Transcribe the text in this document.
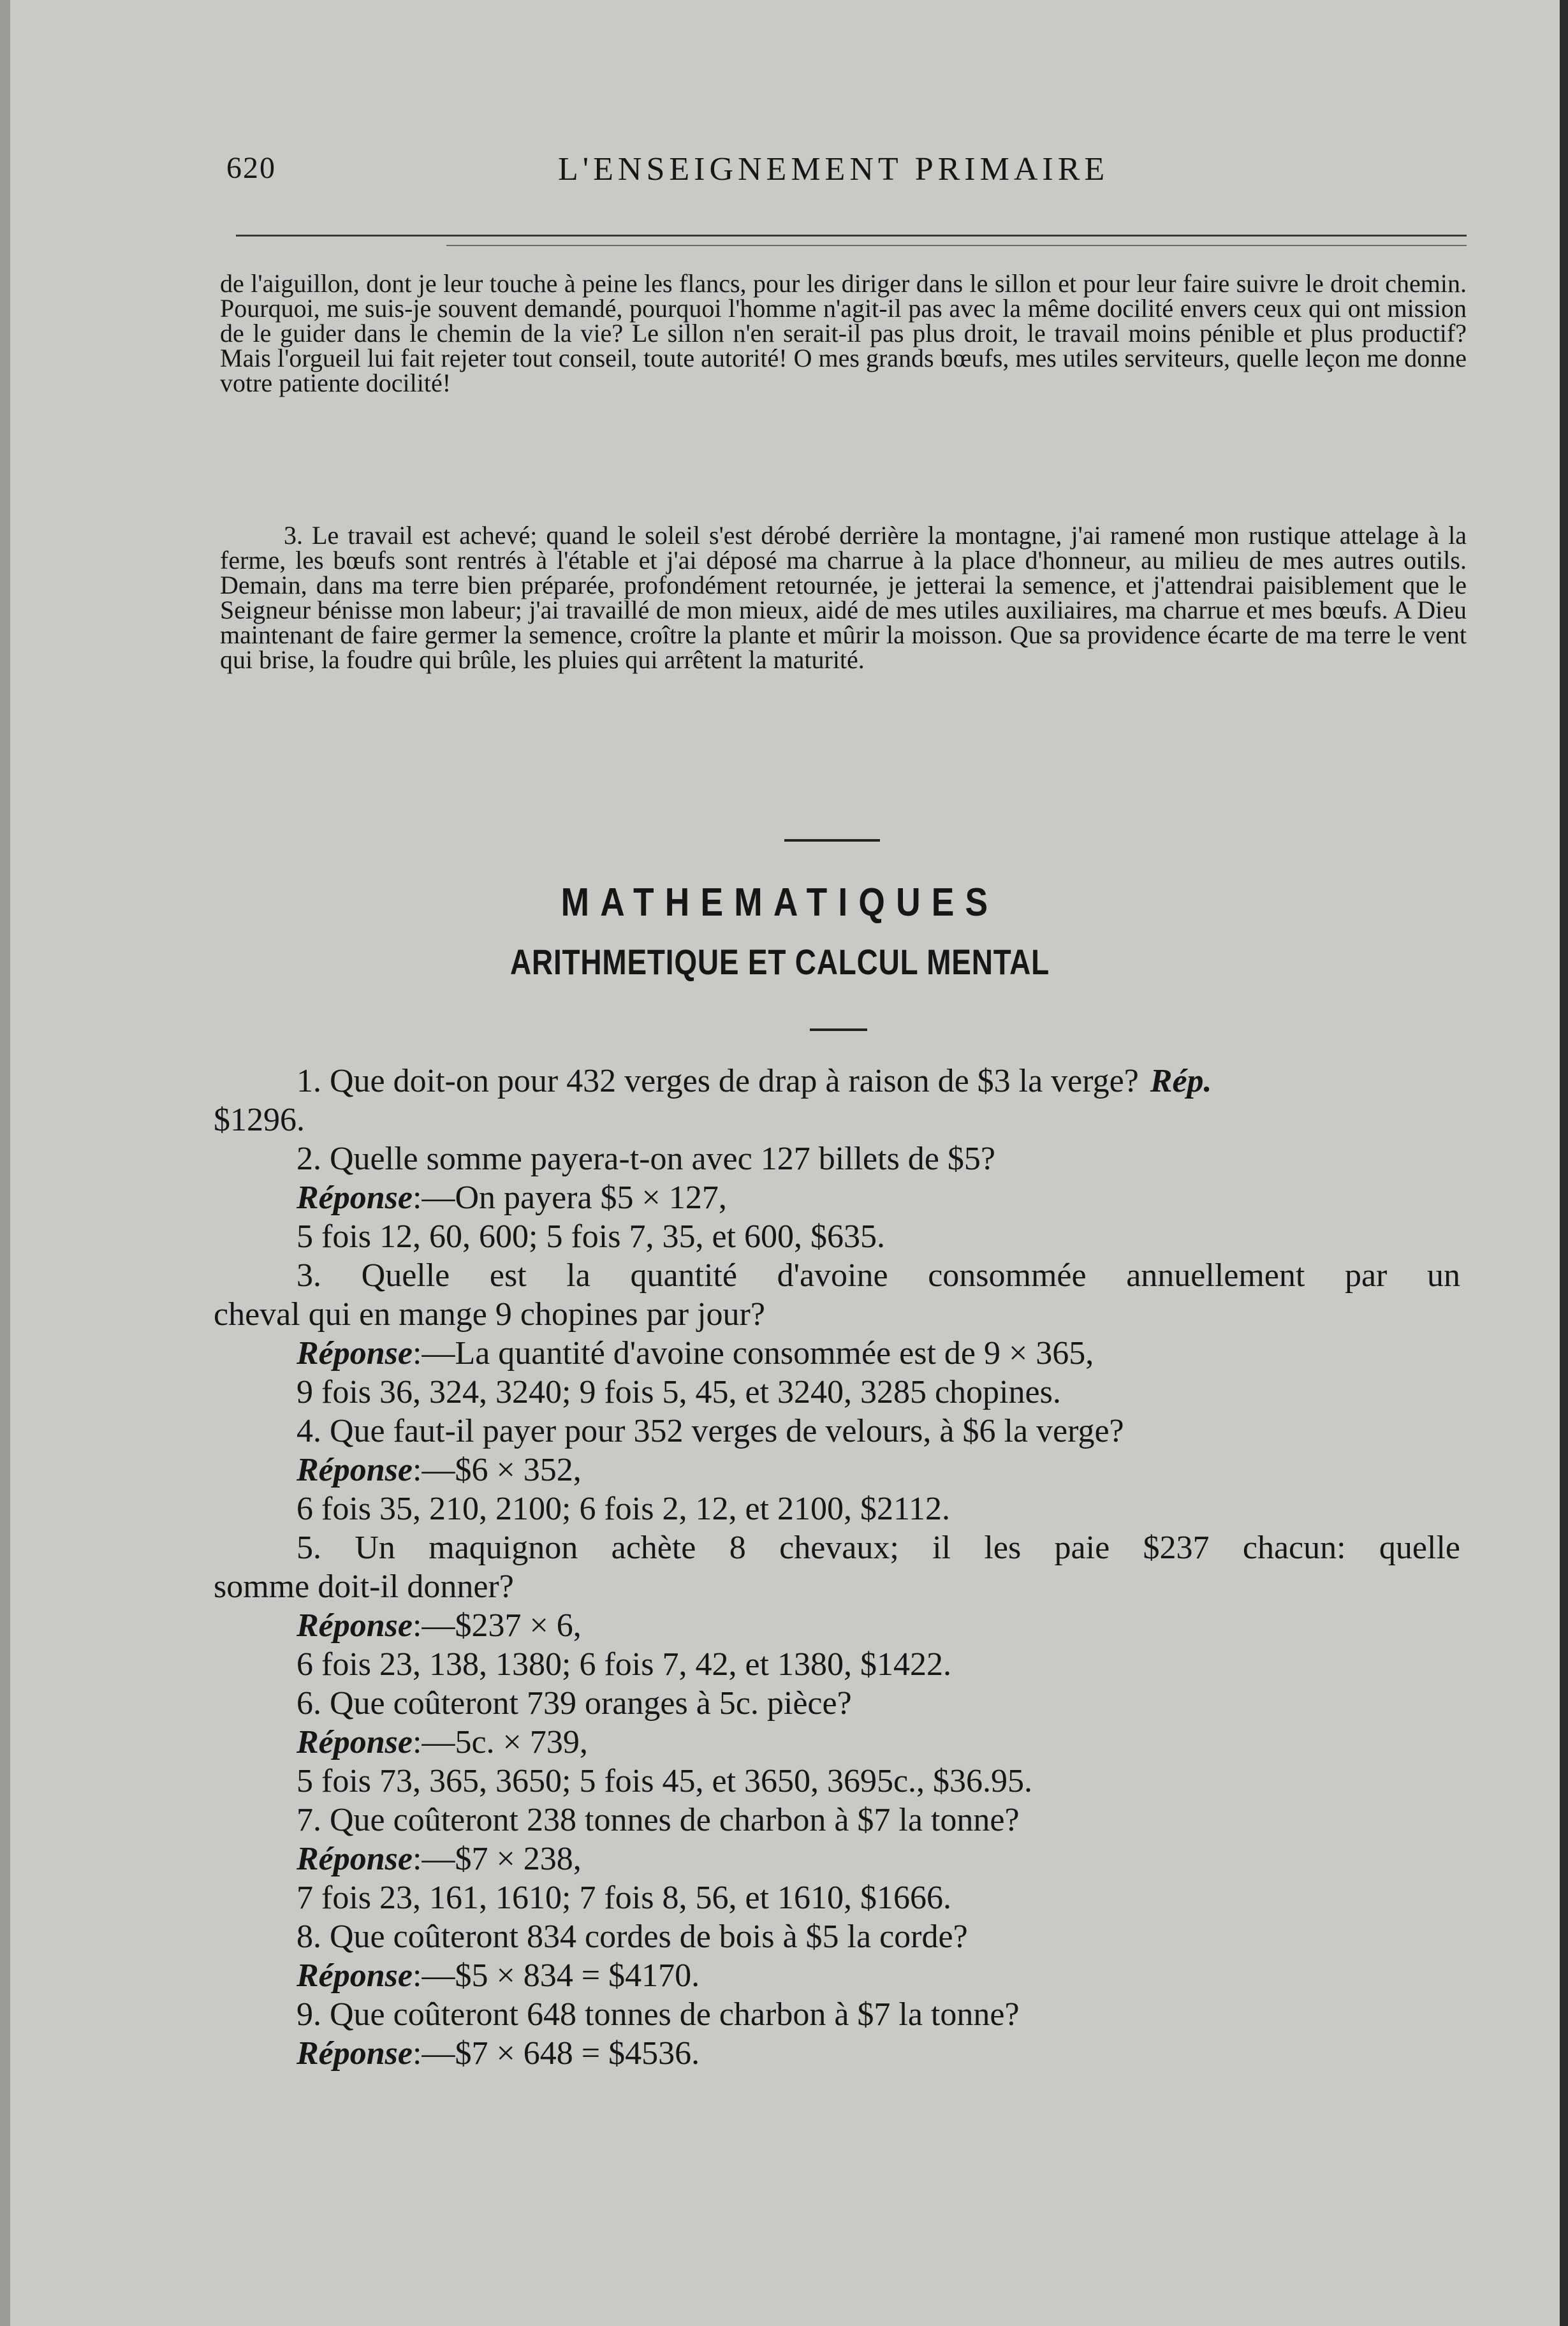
620	L'ENSEIGNEMENT PRIMAIRE

de l'aiguillon, dont je leur touche à peine les flancs, pour les diriger dans le sillon et pour leur faire suivre le droit chemin. Pourquoi, me suis-je souvent demandé, pourquoi l'homme n'agit-il pas avec la même docilité envers ceux qui ont mission de le guider dans le chemin de la vie? Le sillon n'en serait-il pas plus droit, le travail moins pénible et plus productif? Mais l'orgueil lui fait rejeter tout conseil, toute autorité! O mes grands bœufs, mes utiles serviteurs, quelle leçon me donne votre patiente docilité!

3. Le travail est achevé; quand le soleil s'est dérobé derrière la montagne, j'ai ramené mon rustique attelage à la ferme, les bœufs sont rentrés à l'étable et j'ai déposé ma charrue à la place d'honneur, au milieu de mes autres outils. Demain, dans ma terre bien préparée, profondément retournée, je jetterai la semence, et j'attendrai paisiblement que le Seigneur bénisse mon labeur; j'ai travaillé de mon mieux, aidé de mes utiles auxiliaires, ma charrue et mes bœufs. A Dieu maintenant de faire germer la semence, croître la plante et mûrir la moisson. Que sa providence écarte de ma terre le vent qui brise, la foudre qui brûle, les pluies qui arrêtent la maturité.

MATHEMATIQUES
ARITHMETIQUE ET CALCUL MENTAL
1. Que doit-on pour 432 verges de drap à raison de $3 la verge? Rép.
$1296.
2. Quelle somme payera-t-on avec 127 billets de $5?
Réponse:—On payera $5 × 127,
5 fois 12, 60, 600; 5 fois 7, 35, et 600, $635.
3. Quelle est la quantité d'avoine consommée annuellement par un
cheval qui en mange 9 chopines par jour?
Réponse:—La quantité d'avoine consommée est de 9 × 365,
9 fois 36, 324, 3240; 9 fois 5, 45, et 3240, 3285 chopines.
4. Que faut-il payer pour 352 verges de velours, à $6 la verge?
Réponse:—$6 × 352,
6 fois 35, 210, 2100; 6 fois 2, 12, et 2100, $2112.
5. Un maquignon achète 8 chevaux; il les paie $237 chacun: quelle
somme doit-il donner?
Réponse:—$237 × 6,
6 fois 23, 138, 1380; 6 fois 7, 42, et 1380, $1422.
6. Que coûteront 739 oranges à 5c. pièce?
Réponse:—5c. × 739,
5 fois 73, 365, 3650; 5 fois 45, et 3650, 3695c., $36.95.
7. Que coûteront 238 tonnes de charbon à $7 la tonne?
Réponse:—$7 × 238,
7 fois 23, 161, 1610; 7 fois 8, 56, et 1610, $1666.
8. Que coûteront 834 cordes de bois à $5 la corde?
Réponse:—$5 × 834 = $4170.
9. Que coûteront 648 tonnes de charbon à $7 la tonne?
Réponse:—$7 × 648 = $4536.
